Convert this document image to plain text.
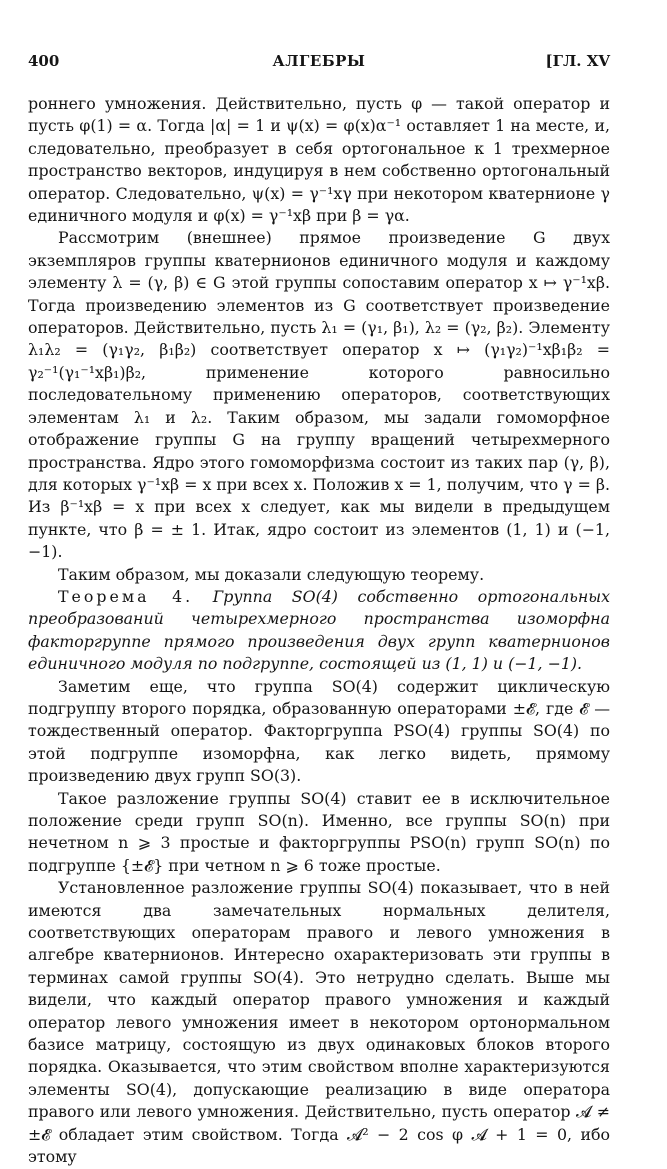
400	АЛГЕБРЫ	[ГЛ. XV

роннего умножения. Действительно, пусть φ — такой оператор и пусть φ(1) = α. Тогда |α| = 1 и ψ(x) = φ(x)α⁻¹ оставляет 1 на месте, и, следовательно, преобразует в себя ортогональное к 1 трехмерное пространство векторов, индуцируя в нем собственно ортогональный оператор. Следовательно, ψ(x) = γ⁻¹xγ при некотором кватернионе γ единичного модуля и φ(x) = γ⁻¹xβ при β = γα.

Рассмотрим (внешнее) прямое произведение G двух экземпляров группы кватернионов единичного модуля и каждому элементу λ = (γ, β) ∈ G этой группы сопоставим оператор x ↦ γ⁻¹xβ. Тогда произведению элементов из G соответствует произведение операторов. Действительно, пусть λ₁ = (γ₁, β₁), λ₂ = (γ₂, β₂). Элементу λ₁λ₂ = (γ₁γ₂, β₁β₂) соответствует оператор x ↦ (γ₁γ₂)⁻¹xβ₁β₂ = γ₂⁻¹(γ₁⁻¹xβ₁)β₂, применение которого равносильно последовательному применению операторов, соответствующих элементам λ₁ и λ₂. Таким образом, мы задали гомоморфное отображение группы G на группу вращений четырехмерного пространства. Ядро этого гомоморфизма состоит из таких пар (γ, β), для которых γ⁻¹xβ = x при всех x. Положив x = 1, получим, что γ = β. Из β⁻¹xβ = x при всех x следует, как мы видели в предыдущем пункте, что β = ± 1. Итак, ядро состоит из элементов (1, 1) и (−1, −1).

Таким образом, мы доказали следующую теорему.

Теорема 4. Группа SO(4) собственно ортогональных преобразований четырехмерного пространства изоморфна факторгруппе прямого произведения двух групп кватернионов единичного модуля по подгруппе, состоящей из (1, 1) и (−1, −1).

Заметим еще, что группа SO(4) содержит циклическую подгруппу второго порядка, образованную операторами ±𝓔, где 𝓔 — тождественный оператор. Факторгруппа PSO(4) группы SO(4) по этой подгруппе изоморфна, как легко видеть, прямому произведению двух групп SO(3).

Такое разложение группы SO(4) ставит ее в исключительное положение среди групп SO(n). Именно, все группы SO(n) при нечетном n ⩾ 3 простые и факторгруппы PSO(n) групп SO(n) по подгруппе {±𝓔} при четном n ⩾ 6 тоже простые.

Установленное разложение группы SO(4) показывает, что в ней имеются два замечательных нормальных делителя, соответствующих операторам правого и левого умножения в алгебре кватернионов. Интересно охарактеризовать эти группы в терминах самой группы SO(4). Это нетрудно сделать. Выше мы видели, что каждый оператор правого умножения и каждый оператор левого умножения имеет в некотором ортонормальном базисе матрицу, состоящую из двух одинаковых блоков второго порядка. Оказывается, что этим свойством вполне характеризуются элементы SO(4), допускающие реализацию в виде оператора правого или левого умножения. Действительно, пусть оператор 𝓐 ≠ ±𝓔 обладает этим свойством. Тогда 𝓐² − 2 cos φ 𝓐 + 1 = 0, ибо этому
